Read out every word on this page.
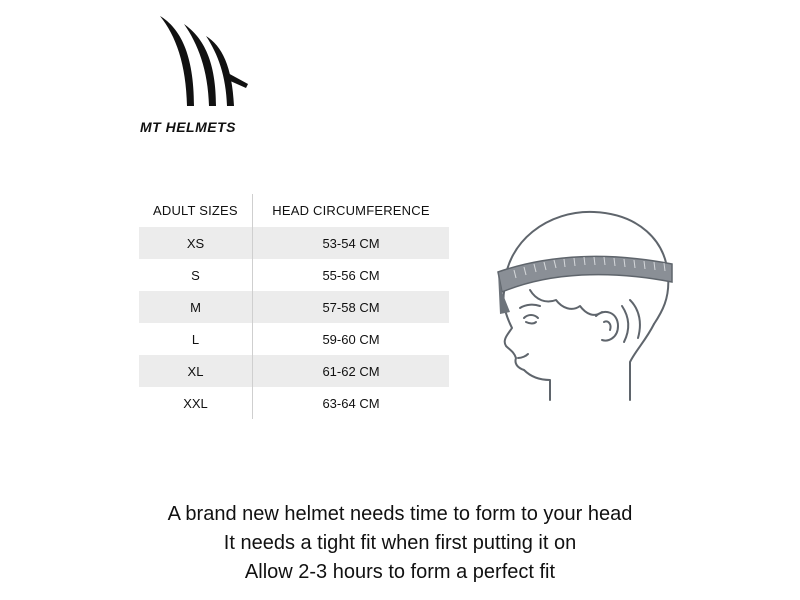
MT HELMETS
ADULT SIZES	HEAD CIRCUMFERENCE
XS	53-54 CM
S	55-56 CM
M	57-58 CM
L	59-60 CM
XL	61-62 CM
XXL	63-64 CM
A brand new helmet needs time to form to your head
It needs a tight fit when first putting it on
Allow 2-3 hours to form a perfect fit
